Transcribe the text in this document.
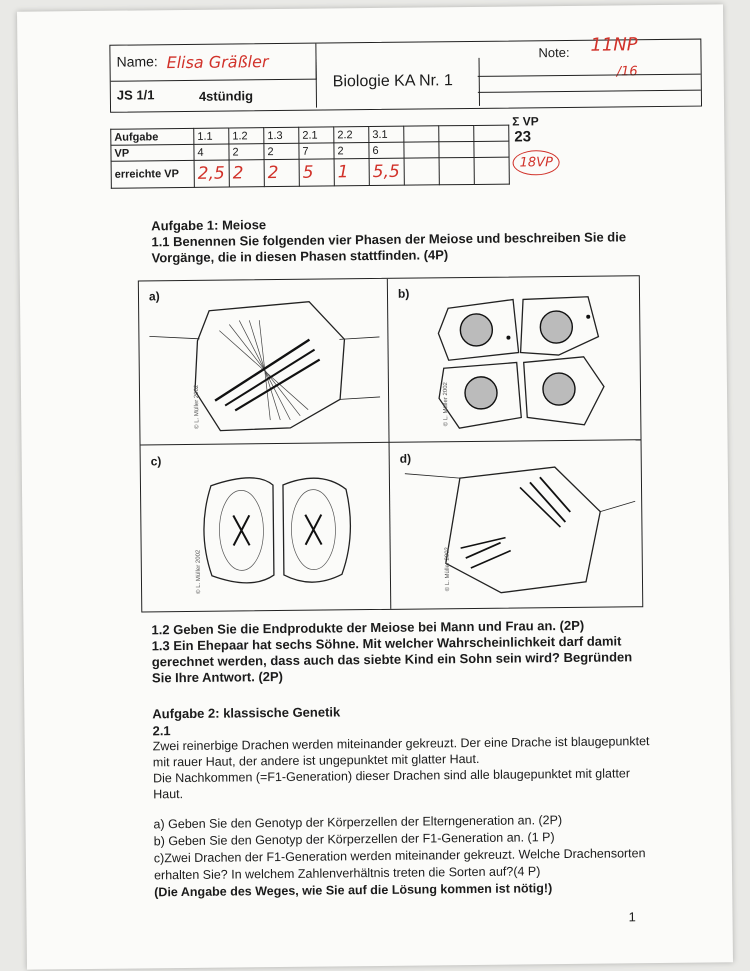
Name: Elisa Gräßler
JS 1/1	4stündig
Biologie KA Nr. 1
Note: 11NP
/16
Aufgabe	1.1	1.2	1.3	2.1	2.2	3.1			
VP	4	2	2	7	2	6			
erreichte VP	2,5	2	2	5	1	5,5			
Σ VP
23
18VP
Aufgabe 1: Meiose
1.1 Benennen Sie folgenden vier Phasen der Meiose und beschreiben Sie die Vorgänge, die in diesen Phasen stattfinden. (4P)
a)
© L. Müller 2002
b)
© L. Müller 2002
c)
© L. Müller 2002
d)
© L. Müller 2002
1.2 Geben Sie die Endprodukte der Meiose bei Mann und Frau an. (2P)
1.3 Ein Ehepaar hat sechs Söhne. Mit welcher Wahrscheinlichkeit darf damit gerechnet werden, dass auch das siebte Kind ein Sohn sein wird? Begründen Sie Ihre Antwort. (2P)
Aufgabe 2: klassische Genetik
2.1
Zwei reinerbige Drachen werden miteinander gekreuzt. Der eine Drache ist blaugepunktet mit rauer Haut, der andere ist ungepunktet mit glatter Haut.
Die Nachkommen (=F1-Generation) dieser Drachen sind alle blaugepunktet mit glatter Haut.
a) Geben Sie den Genotyp der Körperzellen der Elterngeneration an. (2P)
b) Geben Sie den Genotyp der Körperzellen der F1-Generation an. (1 P)
c)Zwei Drachen der F1-Generation werden miteinander gekreuzt. Welche Drachensorten erhalten Sie? In welchem Zahlenverhältnis treten die Sorten auf?(4 P)
(Die Angabe des Weges, wie Sie auf die Lösung kommen ist nötig!)
1
